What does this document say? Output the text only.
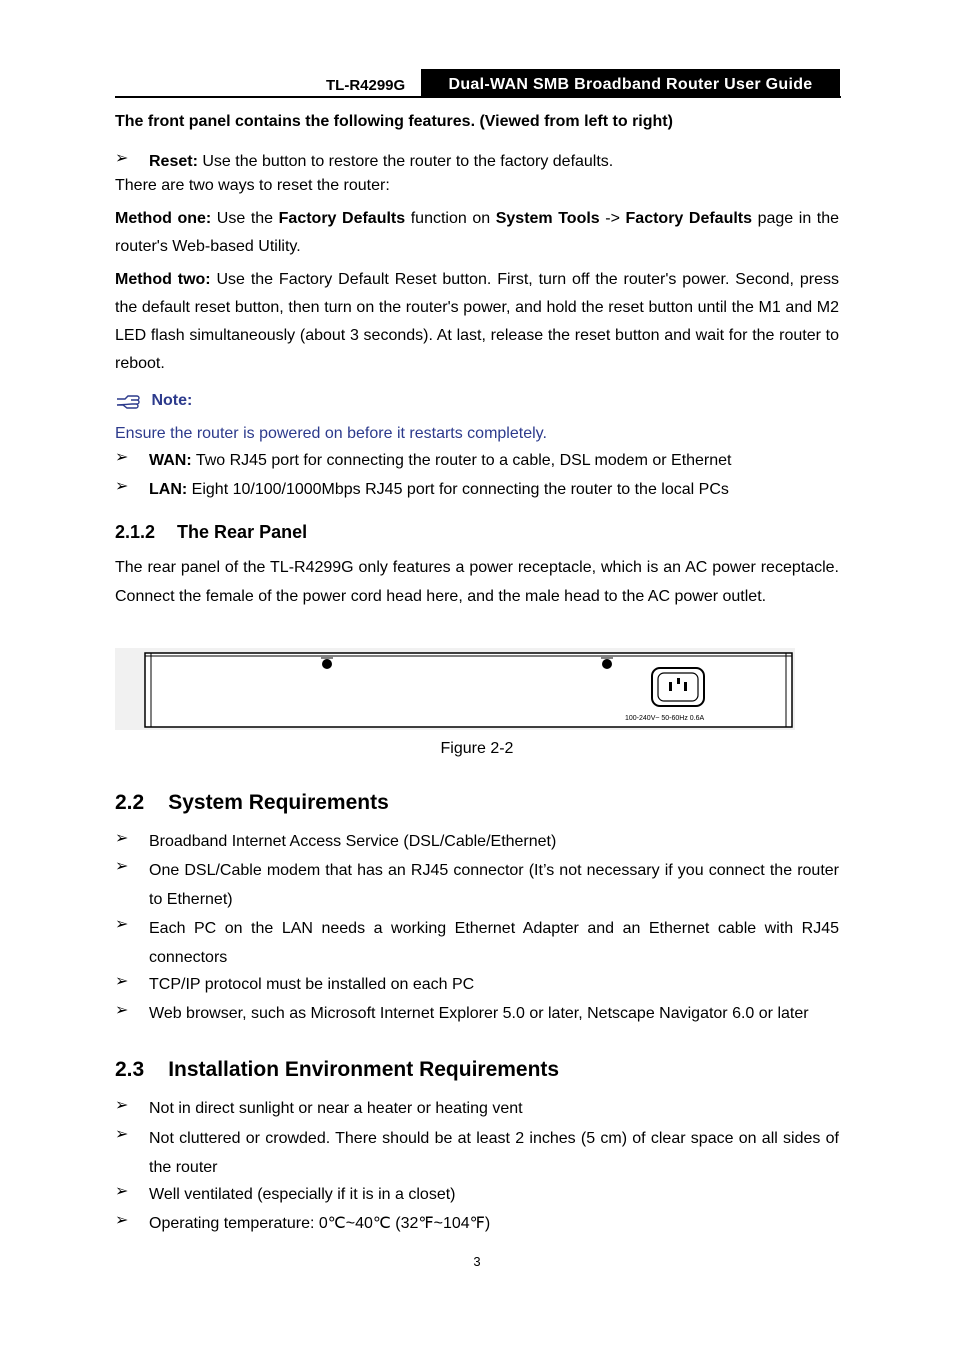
TL-R4299G	Dual-WAN SMB Broadband Router User Guide
The front panel contains the following features. (Viewed from left to right)
➢	Reset: Use the button to restore the router to the factory defaults.
There are two ways to reset the router:
Method one: Use the Factory Defaults function on System Tools -> Factory Defaults page in the router's Web-based Utility.
Method two: Use the Factory Default Reset button. First, turn off the router's power. Second, press the default reset button, then turn on the router's power, and hold the reset button until the M1 and M2 LED flash simultaneously (about 3 seconds). At last, release the reset button and wait for the router to reboot.
Note:
Ensure the router is powered on before it restarts completely.
➢	WAN: Two RJ45 port for connecting the router to a cable, DSL modem or Ethernet
➢	LAN: Eight 10/100/1000Mbps RJ45 port for connecting the router to the local PCs
2.1.2 The Rear Panel
The rear panel of the TL-R4299G only features a power receptacle, which is an AC power receptacle. Connect the female of the power cord head here, and the male head to the AC power outlet.
100-240V~ 50-60Hz 0.6A
Figure 2-2
2.2 System Requirements
➢	Broadband Internet Access Service (DSL/Cable/Ethernet)
➢	One DSL/Cable modem that has an RJ45 connector (It’s not necessary if you connect the router to Ethernet)
➢	Each PC on the LAN needs a working Ethernet Adapter and an Ethernet cable with RJ45 connectors
➢	TCP/IP protocol must be installed on each PC
➢	Web browser, such as Microsoft Internet Explorer 5.0 or later, Netscape Navigator 6.0 or later
2.3 Installation Environment Requirements
➢	Not in direct sunlight or near a heater or heating vent
➢	Not cluttered or crowded. There should be at least 2 inches (5 cm) of clear space on all sides of the router
➢	Well ventilated (especially if it is in a closet)
➢	Operating temperature: 0℃~40℃ (32℉~104℉)
3
